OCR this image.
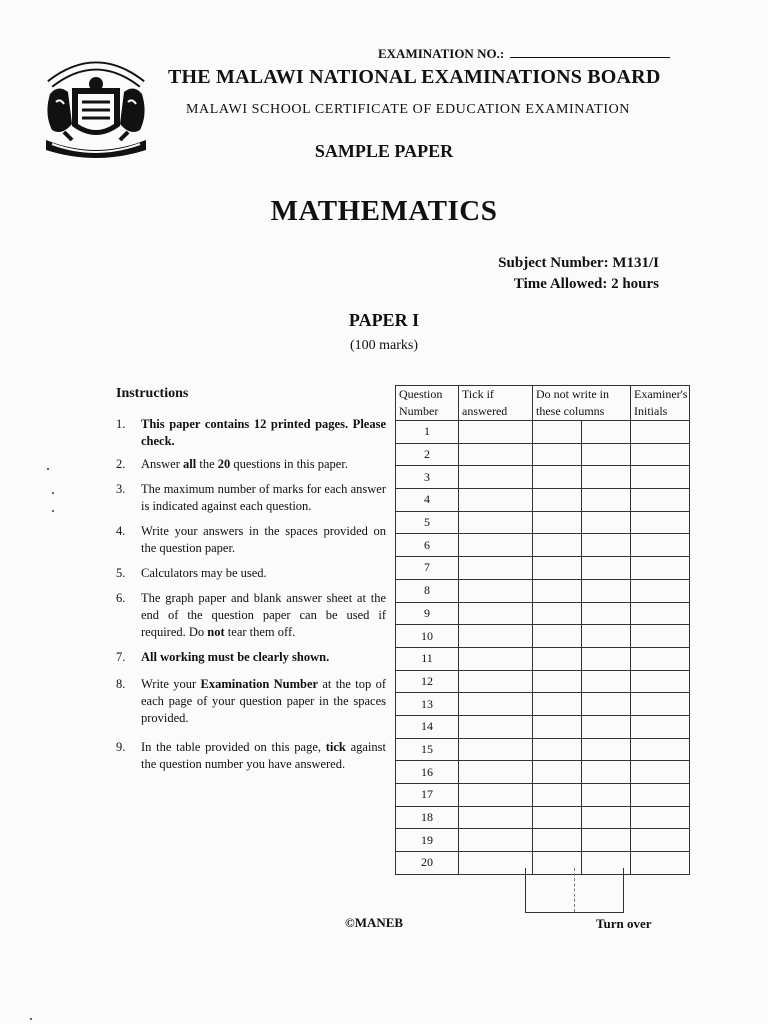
EXAMINATION NO.:
THE MALAWI NATIONAL EXAMINATIONS BOARD
MALAWI SCHOOL CERTIFICATE OF EDUCATION EXAMINATION
SAMPLE PAPER
MATHEMATICS
Subject Number: M131/I
Time Allowed: 2 hours
PAPER I
(100 marks)
Instructions
1. This paper contains 12 printed pages. Please check.
2. Answer all the 20 questions in this paper.
3. The maximum number of marks for each answer is indicated against each question.
4. Write your answers in the spaces provided on the question paper.
5. Calculators may be used.
6. The graph paper and blank answer sheet at the end of the question paper can be used if required. Do not tear them off.
7. All working must be clearly shown.
8. Write your Examination Number at the top of each page of your question paper in the spaces provided.
9. In the table provided on this page, tick against the question number you have answered.
Question Number	Tick if answered	Do not write in these columns		Examiner's Initials
1				
2				
3				
4				
5				
6				
7				
8				
9				
10				
11				
12				
13				
14				
15				
16				
17				
18				
19				
20				
©MANEB	Turn over
